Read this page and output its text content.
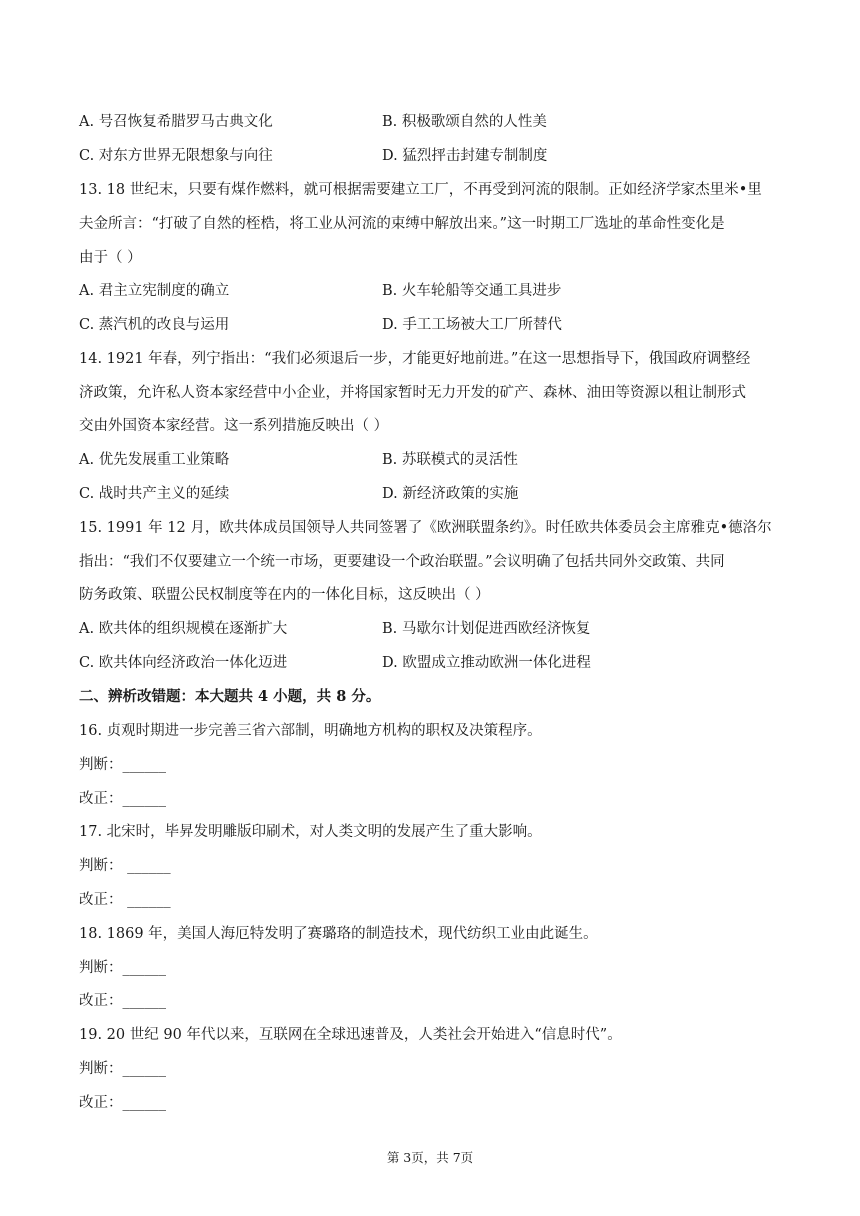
A. 号召恢复希腊罗马古典文化	B. 积极歌颂自然的人性美
C. 对东方世界无限想象与向往	D. 猛烈抨击封建专制制度
13. 18 世纪末，只要有煤作燃料，就可根据需要建立工厂，不再受到河流的限制。正如经济学家杰里米•里
夫金所言：“打破了自然的桎梏，将工业从河流的束缚中解放出来。”这一时期工厂选址的革命性变化是
由于（ ）
A. 君主立宪制度的确立	B. 火车轮船等交通工具进步
C. 蒸汽机的改良与运用	D. 手工工场被大工厂所替代
14. 1921 年春，列宁指出：“我们必须退后一步，才能更好地前进。”在这一思想指导下，俄国政府调整经
济政策，允许私人资本家经营中小企业，并将国家暂时无力开发的矿产、森林、油田等资源以租让制形式
交由外国资本家经营。这一系列措施反映出（ ）
A. 优先发展重工业策略	B. 苏联模式的灵活性
C. 战时共产主义的延续	D. 新经济政策的实施
15. 1991 年 12 月，欧共体成员国领导人共同签署了《欧洲联盟条约》。时任欧共体委员会主席雅克•德洛尔
指出：“我们不仅要建立一个统一市场，更要建设一个政治联盟。”会议明确了包括共同外交政策、共同
防务政策、联盟公民权制度等在内的一体化目标，这反映出（ ）
A. 欧共体的组织规模在逐渐扩大	B. 马歇尔计划促进西欧经济恢复
C. 欧共体向经济政治一体化迈进	D. 欧盟成立推动欧洲一体化进程
二、辨析改错题：本大题共 4 小题，共 8 分。
16. 贞观时期进一步完善三省六部制，明确地方机构的职权及决策程序。
判断：______
改正：______
17. 北宋时，毕昇发明雕版印刷术，对人类文明的发展产生了重大影响。
判断： ______
改正： ______
18. 1869 年，美国人海厄特发明了赛璐珞的制造技术，现代纺织工业由此诞生。
判断：______
改正：______
19. 20 世纪 90 年代以来，互联网在全球迅速普及，人类社会开始进入“信息时代”。
判断：______
改正：______
第 3页，共 7页
